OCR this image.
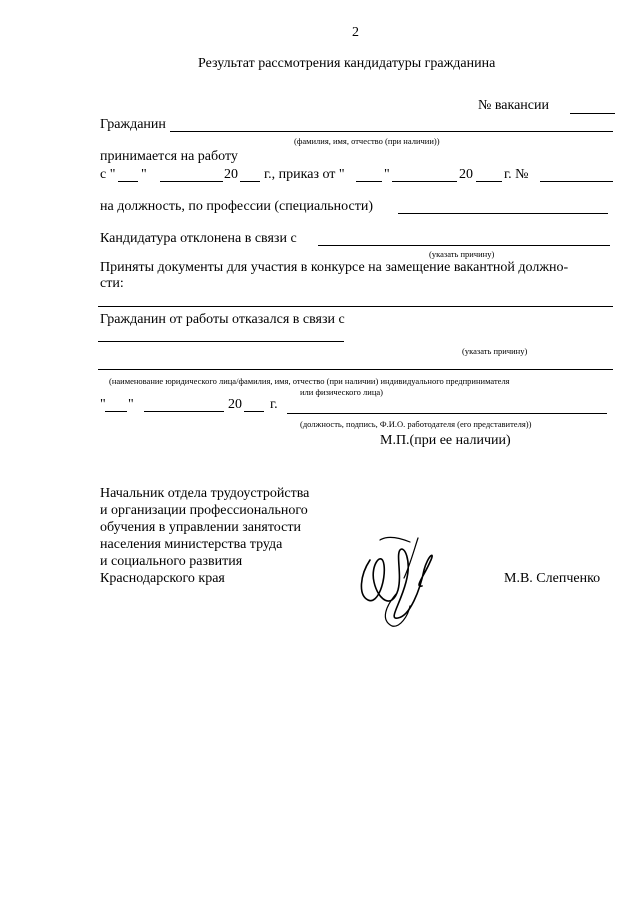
2
Результат рассмотрения кандидатуры гражданина
№ вакансии
Гражданин
(фамилия, имя, отчество (при наличии))
принимается на работу
с " "	20 г., приказ от "	"	20 г. №
на должность, по профессии (специальности)
Кандидатура отклонена в связи с
(указать причину)
Приняты документы для участия в конкурсе на замещение вакантной должно-
сти:
Гражданин от работы отказался в связи с
(указать причину)
(наименование юридического лица/фамилия, имя, отчество (при наличии) индивидуального предпринимателя
или физического лица)
" "	20 г.
(должность, подпись, Ф.И.О. работодателя (его представителя))
М.П.(при ее наличии)
Начальник отдела трудоустройства
и организации профессионального
обучения в управлении занятости
населения министерства труда
и социального развития
Краснодарского края	М.В. Слепченко
